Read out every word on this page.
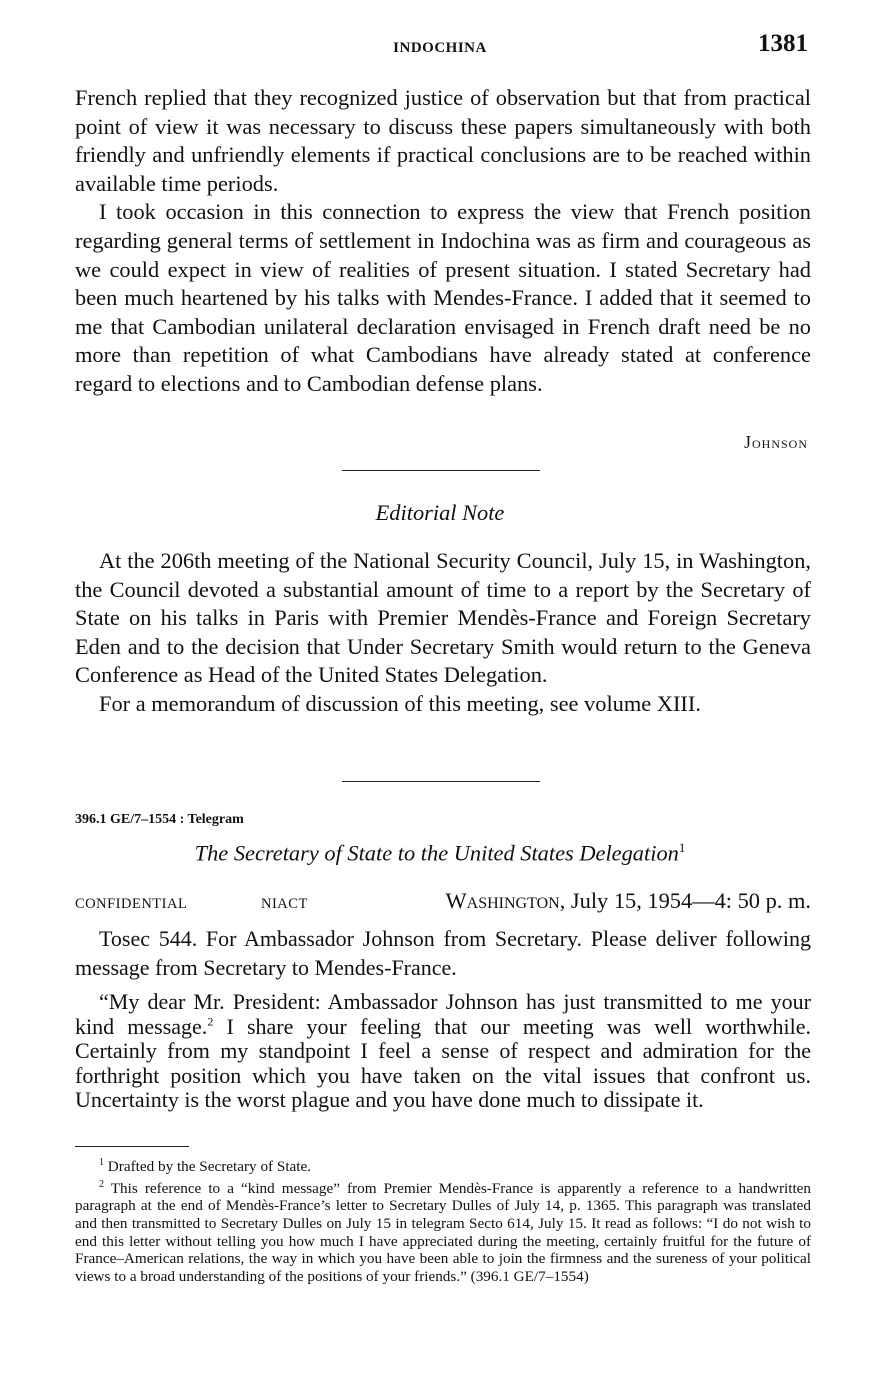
INDOCHINA	1381

French replied that they recognized justice of observation but that from practical point of view it was necessary to discuss these papers simultaneously with both friendly and unfriendly elements if practical conclusions are to be reached within available time periods.

I took occasion in this connection to express the view that French position regarding general terms of settlement in Indochina was as firm and courageous as we could expect in view of realities of present situation. I stated Secretary had been much heartened by his talks with Mendes-France. I added that it seemed to me that Cambodian unilateral declaration envisaged in French draft need be no more than repetition of what Cambodians have already stated at conference regard to elections and to Cambodian defense plans.

Johnson
Editorial Note

At the 206th meeting of the National Security Council, July 15, in Washington, the Council devoted a substantial amount of time to a report by the Secretary of State on his talks in Paris with Premier Mendès-France and Foreign Secretary Eden and to the decision that Under Secretary Smith would return to the Geneva Conference as Head of the United States Delegation.

For a memorandum of discussion of this meeting, see volume XIII.

396.1 GE/7–1554 : Telegram
The Secretary of State to the United States Delegation$^1$
CONFIDENTIAL	NIACT	Washington, July 15, 1954—4: 50 p. m.

Tosec 544. For Ambassador Johnson from Secretary. Please deliver following message from Secretary to Mendes-France.

“My dear Mr. President: Ambassador Johnson has just transmitted to me your kind message.$^2$ I share your feeling that our meeting was well worthwhile. Certainly from my standpoint I feel a sense of respect and admiration for the forthright position which you have taken on the vital issues that confront us. Uncertainty is the worst plague and you have done much to dissipate it.

$^1$ Drafted by the Secretary of State.

$^2$ This reference to a “kind message” from Premier Mendès-France is apparently a reference to a handwritten paragraph at the end of Mendès-France’s letter to Secretary Dulles of July 14, p. 1365. This paragraph was translated and then transmitted to Secretary Dulles on July 15 in telegram Secto 614, July 15. It read as follows: “I do not wish to end this letter without telling you how much I have appreciated during the meeting, certainly fruitful for the future of France–American relations, the way in which you have been able to join the firmness and the sureness of your political views to a broad understanding of the positions of your friends.” (396.1 GE/7–1554)
